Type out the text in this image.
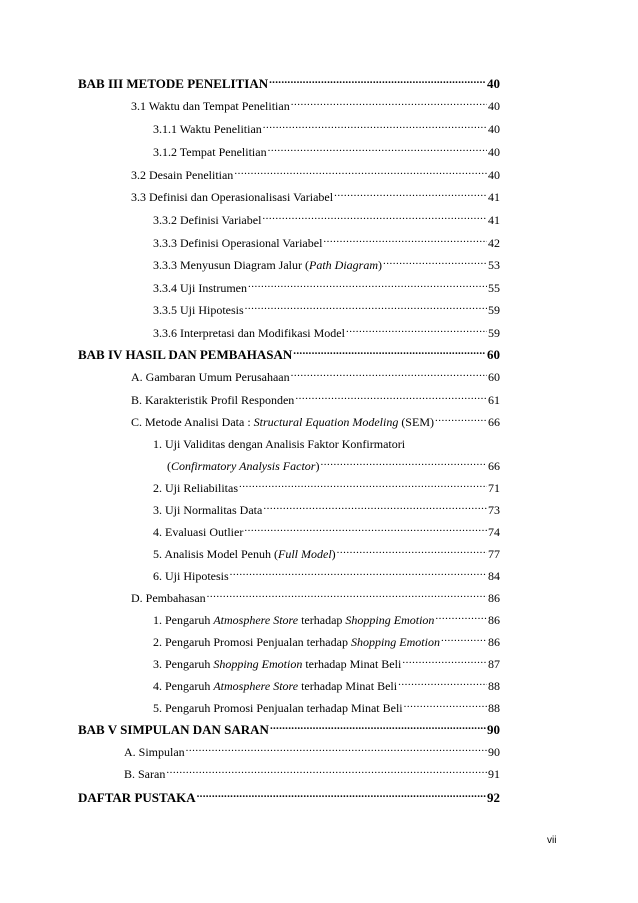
BAB III METODE PENELITIAN .....	40
3.1 Waktu dan Tempat Penelitian .....	40
3.1.1 Waktu Penelitian .....	40
3.1.2 Tempat Penelitian .....	40
3.2 Desain Penelitian .....	40
3.3 Definisi dan Operasionalisasi Variabel .....	41
3.3.2 Definisi Variabel .....	41
3.3.3 Definisi Operasional Variabel .....	42
3.3.3 Menyusun Diagram Jalur (Path Diagram) .....	53
3.3.4 Uji Instrumen .....	55
3.3.5 Uji Hipotesis .....	59
3.3.6 Interpretasi dan Modifikasi Model .....	59
BAB IV HASIL DAN PEMBAHASAN .....	60
A. Gambaran Umum Perusahaan .....	60
B. Karakteristik Profil Responden .....	61
C. Metode Analisi Data : Structural Equation Modeling (SEM) .....	66
1. Uji Validitas dengan Analisis Faktor Konfirmatori
(Confirmatory Analysis Factor) .....	66
2. Uji Reliabilitas .....	71
3. Uji Normalitas Data .....	73
4. Evaluasi Outlier .....	74
5. Analisis Model Penuh (Full Model) .....	77
6. Uji Hipotesis .....	84
D. Pembahasan .....	86
1. Pengaruh Atmosphere Store terhadap Shopping Emotion .....	86
2. Pengaruh Promosi Penjualan terhadap Shopping Emotion .....	86
3. Pengaruh Shopping Emotion terhadap Minat Beli .....	87
4. Pengaruh Atmosphere Store terhadap Minat Beli .....	88
5. Pengaruh Promosi Penjualan terhadap Minat Beli .....	88
BAB V SIMPULAN DAN SARAN .....	90
A. Simpulan .....	90
B. Saran .....	91
DAFTAR PUSTAKA .....	92
vii
